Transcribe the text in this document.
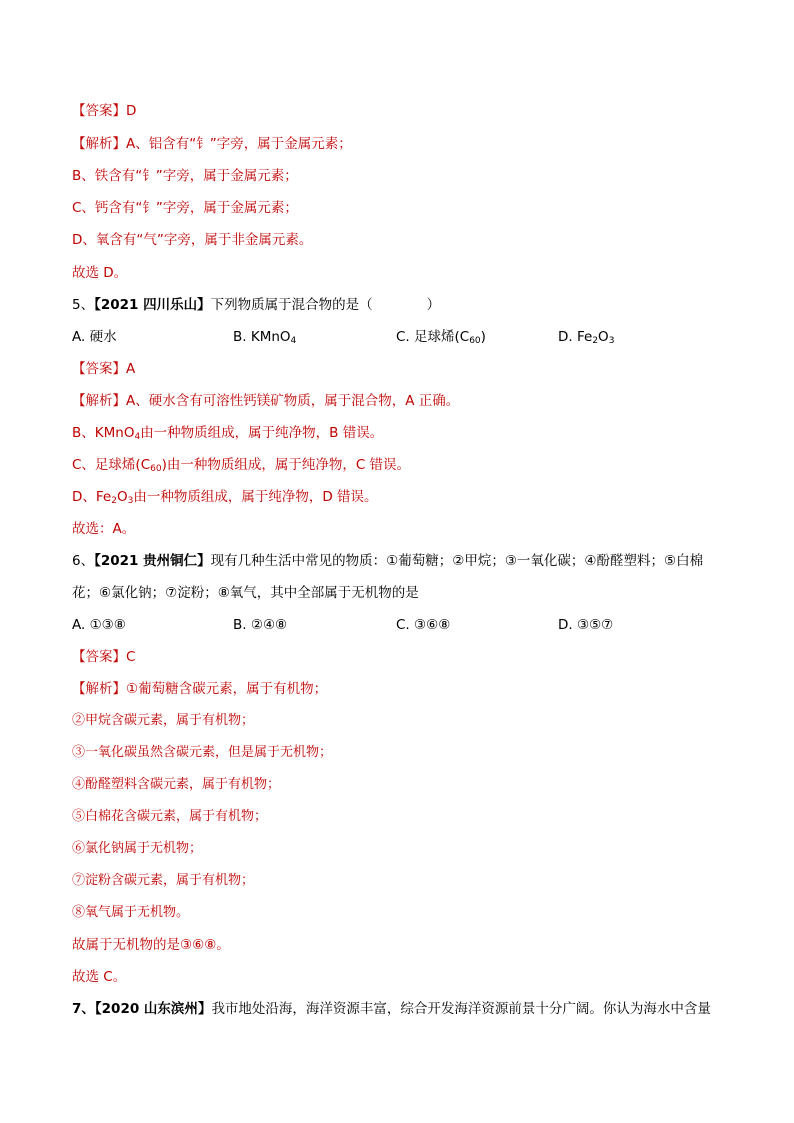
【答案】D
【解析】A、铝含有“钅”字旁，属于金属元素；
B、铁含有“钅”字旁，属于金属元素；
C、钙含有“钅”字旁，属于金属元素；
D、氧含有“气”字旁，属于非金属元素。
故选 D。
5、【2021 四川乐山】下列物质属于混合物的是（	）
A. 硬水	B. KMnO$_4$	C. 足球烯$(C_{60})$	D. $Fe_2O_3$
【答案】A
【解析】A、硬水含有可溶性钙镁矿物质，属于混合物，A 正确。
B、KMnO$_4$由一种物质组成，属于纯净物，B 错误。
C、足球烯$(C_{60})$由一种物质组成，属于纯净物，C 错误。
D、$Fe_2O_3$由一种物质组成，属于纯净物，D 错误。
故选：A。
6、【2021 贵州铜仁】现有几种生活中常见的物质：①葡萄糖；②甲烷；③一氧化碳；④酚醛塑料；⑤白棉
花；⑥氯化钠；⑦淀粉；⑧氧气，其中全部属于无机物的是
A. ①③⑧	B. ②④⑧	C. ③⑥⑧	D. ③⑤⑦
【答案】C
【解析】①葡萄糖含碳元素，属于有机物；
②甲烷含碳元素，属于有机物；
③一氧化碳虽然含碳元素，但是属于无机物；
④酚醛塑料含碳元素，属于有机物；
⑤白棉花含碳元素，属于有机物；
⑥氯化钠属于无机物；
⑦淀粉含碳元素，属于有机物；
⑧氧气属于无机物。
故属于无机物的是③⑥⑧。
故选 C。
7、【2020 山东滨州】我市地处沿海，海洋资源丰富，综合开发海洋资源前景十分广阔。你认为海水中含量
